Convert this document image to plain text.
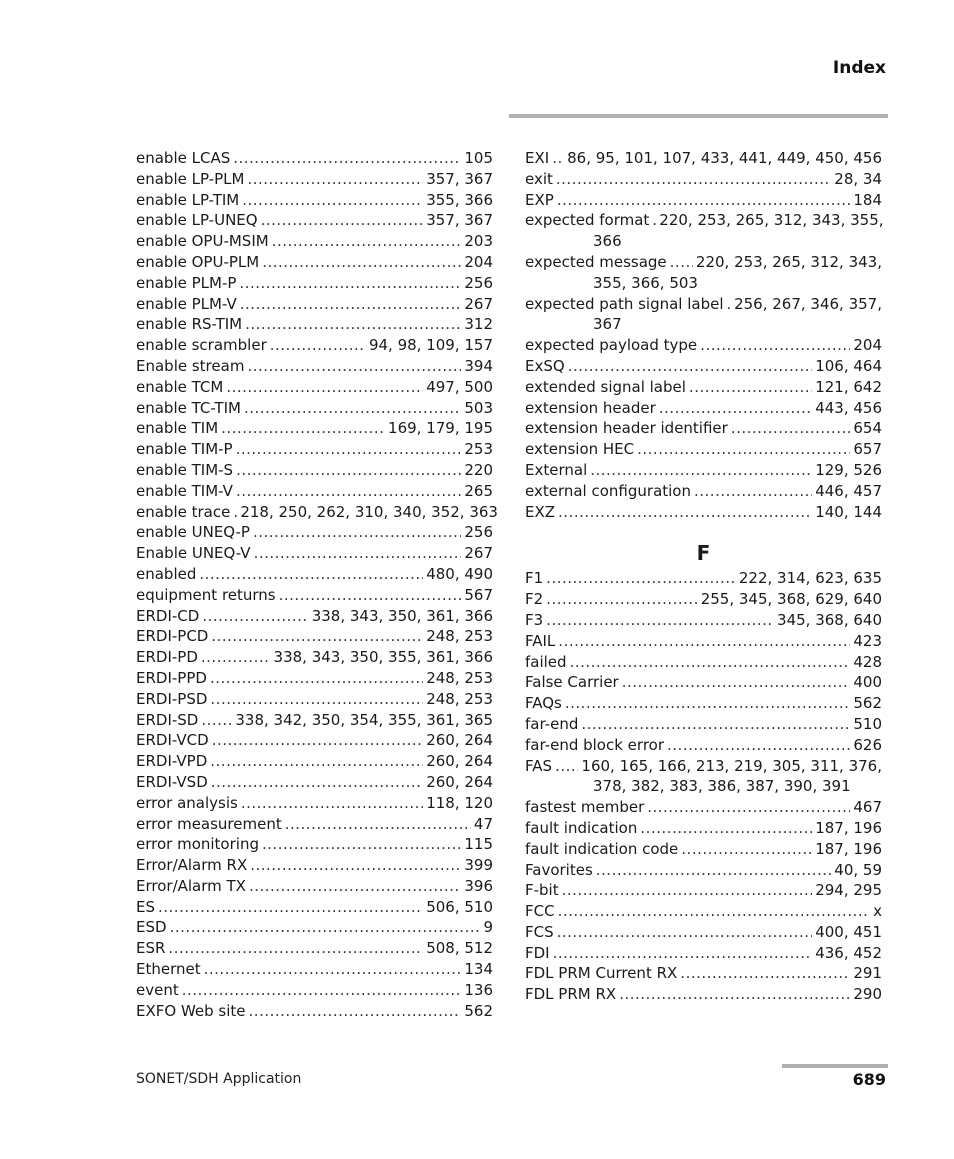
Index
enable LCAS .....	105
enable LP-PLM .....	357, 367
enable LP-TIM .....	355, 366
enable LP-UNEQ .....	357, 367
enable OPU-MSIM .....	203
enable OPU-PLM .....	204
enable PLM-P .....	256
enable PLM-V .....	267
enable RS-TIM .....	312
enable scrambler .....	94, 98, 109, 157
Enable stream .....	394
enable TCM .....	497, 500
enable TC-TIM .....	503
enable TIM .....	169, 179, 195
enable TIM-P .....	253
enable TIM-S .....	220
enable TIM-V .....	265
enable trace ..... 218, 250, 262, 310, 340, 352, 363
enable UNEQ-P .....	256
Enable UNEQ-V .....	267
enabled .....	480, 490
equipment returns .....	567
ERDI-CD .....	338, 343, 350, 361, 366
ERDI-PCD .....	248, 253
ERDI-PD .....	338, 343, 350, 355, 361, 366
ERDI-PPD .....	248, 253
ERDI-PSD .....	248, 253
ERDI-SD ..... 338, 342, 350, 354, 355, 361, 365
ERDI-VCD .....	260, 264
ERDI-VPD .....	260, 264
ERDI-VSD .....	260, 264
error analysis .....	118, 120
error measurement .....	47
error monitoring .....	115
Error/Alarm RX .....	399
Error/Alarm TX .....	396
ES .....	506, 510
ESD .....	9
ESR .....	508, 512
Ethernet .....	134
event .....	136
EXFO Web site .....	562
EXI ..... 86, 95, 101, 107, 433, 441, 449, 450, 456
exit .....	28, 34
EXP .....	184
expected format ..... 220, 253, 265, 312, 343, 355,
366
expected message ..... 220, 253, 265, 312, 343,
355, 366, 503
expected path signal label ..... 256, 267, 346, 357,
367
expected payload type .....	204
ExSQ .....	106, 464
extended signal label .....	121, 642
extension header .....	443, 456
extension header identifier .....	654
extension HEC .....	657
External .....	129, 526
external configuration .....	446, 457
EXZ .....	140, 144
F
F1 .....	222, 314, 623, 635
F2 .....	255, 345, 368, 629, 640
F3 .....	345, 368, 640
FAIL .....	423
failed .....	428
False Carrier .....	400
FAQs .....	562
far-end .....	510
far-end block error .....	626
FAS ..... 160, 165, 166, 213, 219, 305, 311, 376,
378, 382, 383, 386, 387, 390, 391
fastest member .....	467
fault indication .....	187, 196
fault indication code .....	187, 196
Favorites .....	40, 59
F-bit .....	294, 295
FCC .....	x
FCS .....	400, 451
FDI .....	436, 452
FDL PRM Current RX .....	291
FDL PRM RX .....	290
SONET/SDH Application	689
